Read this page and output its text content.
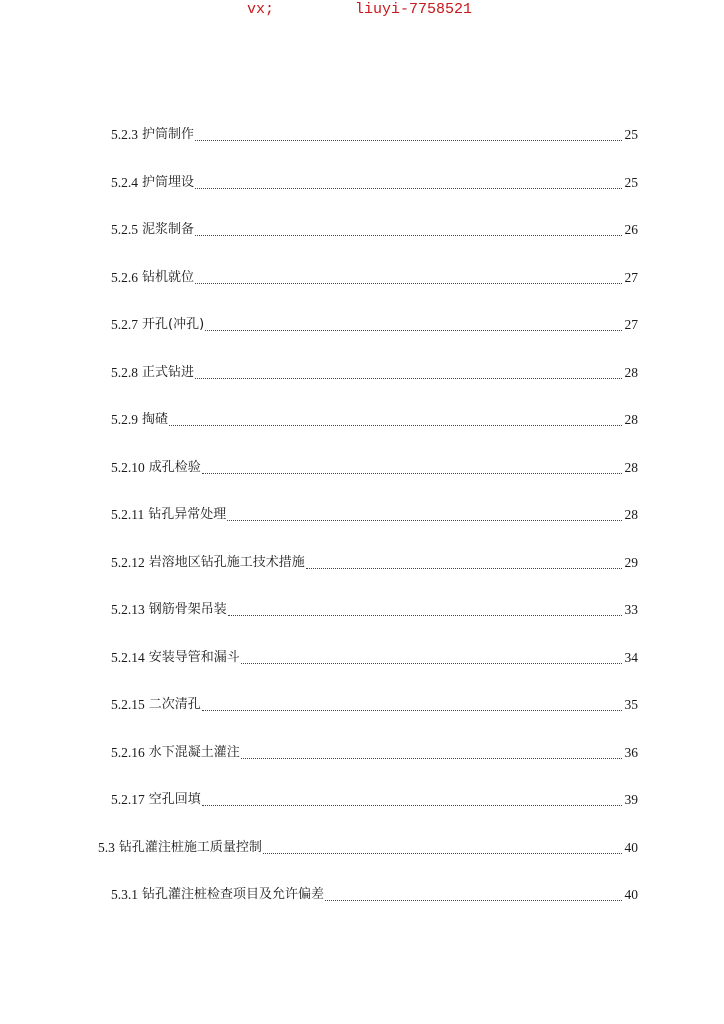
vx;

	liuyi-7758521

5.2.3 护筒制作	25
5.2.4 护筒埋设	25
5.2.5 泥浆制备	26
5.2.6 钻机就位	27
5.2.7 开孔(冲孔)	27
5.2.8 正式钻进	28
5.2.9 掏碴	28
5.2.10 成孔检验	28
5.2.11 钻孔异常处理	28
5.2.12 岩溶地区钻孔施工技术措施	29
5.2.13 钢筋骨架吊装	33
5.2.14 安装导管和漏斗	34
5.2.15 二次清孔	35
5.2.16 水下混凝土灌注	36
5.2.17 空孔回填	39
5.3 钻孔灌注桩施工质量控制	40
5.3.1 钻孔灌注桩检查项目及允许偏差	40
